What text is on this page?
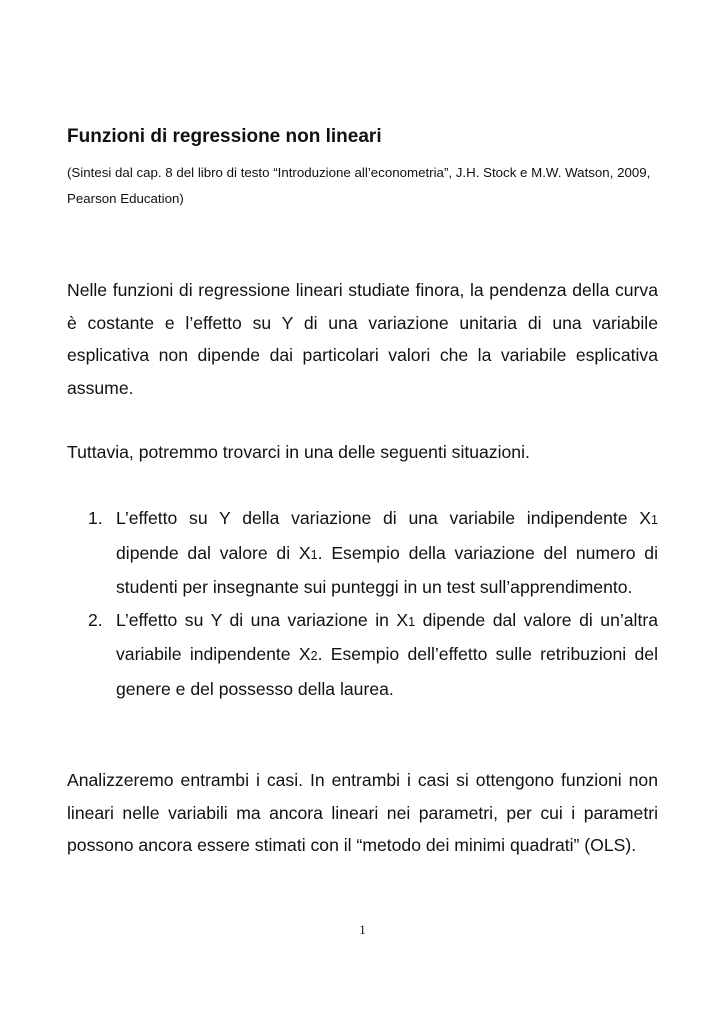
Funzioni di regressione non lineari

(Sintesi dal cap. 8 del libro di testo “Introduzione all’econometria”, J.H. Stock e M.W. Watson, 2009, Pearson Education)

Nelle funzioni di regressione lineari studiate finora, la pendenza della curva è costante e l’effetto su Y di una variazione unitaria di una variabile esplicativa non dipende dai particolari valori che la variabile esplicativa assume.

Tuttavia, potremmo trovarci in una delle seguenti situazioni.

1. L’effetto su Y della variazione di una variabile indipendente X1 dipende dal valore di X1. Esempio della variazione del numero di studenti per insegnante sui punteggi in un test sull’apprendimento.
2. L’effetto su Y di una variazione in X1 dipende dal valore di un’altra variabile indipendente X2. Esempio dell’effetto sulle retribuzioni del genere e del possesso della laurea.

Analizzeremo entrambi i casi. In entrambi i casi si ottengono funzioni non lineari nelle variabili ma ancora lineari nei parametri, per cui i parametri possono ancora essere stimati con il “metodo dei minimi quadrati” (OLS).

1
